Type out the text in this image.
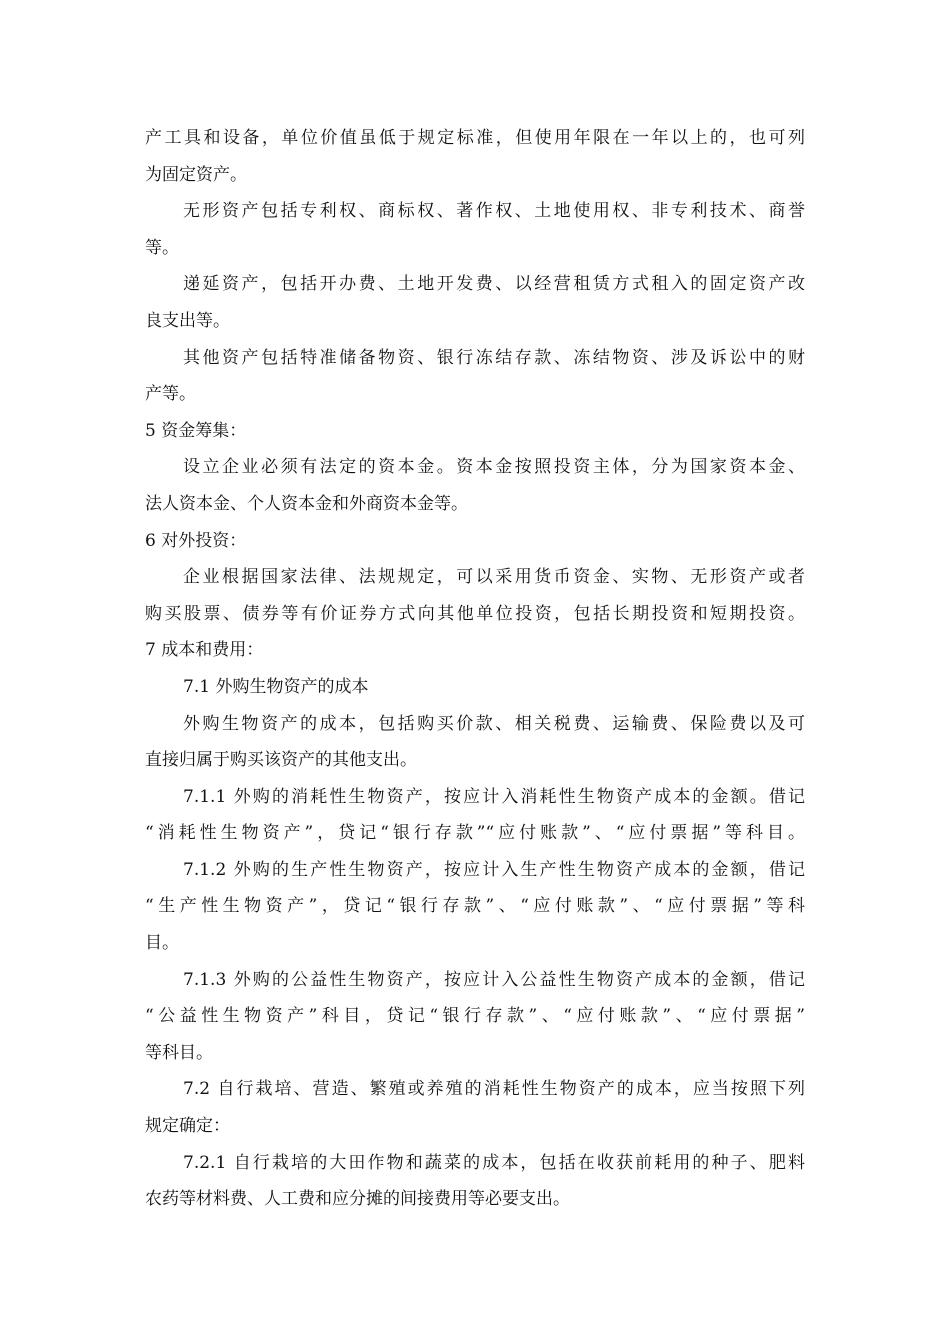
产工具和设备，单位价值虽低于规定标准，但使用年限在一年以上的，也可列
为固定资产。
无形资产包括专利权、商标权、著作权、土地使用权、非专利技术、商誉
等。
递延资产，包括开办费、土地开发费、以经营租赁方式租入的固定资产改
良支出等。
其他资产包括特准储备物资、银行冻结存款、冻结物资、涉及诉讼中的财
产等。
5 资金筹集：
设立企业必须有法定的资本金。资本金按照投资主体，分为国家资本金、
法人资本金、个人资本金和外商资本金等。
6 对外投资：
企业根据国家法律、法规规定，可以采用货币资金、实物、无形资产或者
购买股票、债券等有价证券方式向其他单位投资，包括长期投资和短期投资。
7 成本和费用：
7.1 外购生物资产的成本
外购生物资产的成本，包括购买价款、相关税费、运输费、保险费以及可
直接归属于购买该资产的其他支出。
7.1.1 外购的消耗性生物资产，按应计入消耗性生物资产成本的金额。借记
“消耗性生物资产”，贷记“银行存款”“应付账款”、“应付票据”等科目。
7.1.2 外购的生产性生物资产，按应计入生产性生物资产成本的金额，借记
“生产性生物资产”，贷记“银行存款”、“应付账款”、“应付票据”等科
目。
7.1.3 外购的公益性生物资产，按应计入公益性生物资产成本的金额，借记
“公益性生物资产”科目，贷记“银行存款”、“应付账款”、“应付票据”
等科目。
7.2 自行栽培、营造、繁殖或养殖的消耗性生物资产的成本，应当按照下列
规定确定：
7.2.1 自行栽培的大田作物和蔬菜的成本，包括在收获前耗用的种子、肥料
农药等材料费、人工费和应分摊的间接费用等必要支出。
